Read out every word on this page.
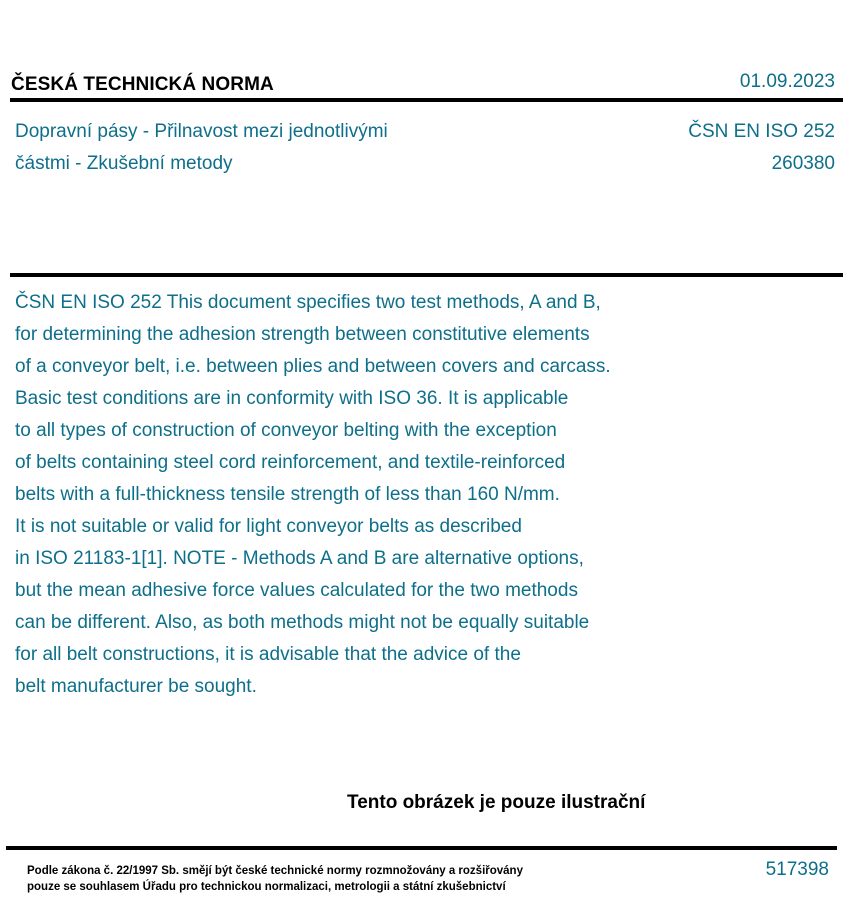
ČESKÁ TECHNICKÁ NORMA	01.09.2023
Dopravní pásy - Přilnavost mezi jednotlivými
částmi - Zkušební metody
ČSN EN ISO 252
260380
ČSN EN ISO 252 This document specifies two test methods, A and B,
for determining the adhesion strength between constitutive elements
of a conveyor belt, i.e. between plies and between covers and carcass.
Basic test conditions are in conformity with ISO 36. It is applicable
to all types of construction of conveyor belting with the exception
of belts containing steel cord reinforcement, and textile-reinforced
belts with a full-thickness tensile strength of less than 160 N/mm.
It is not suitable or valid for light conveyor belts as described
in ISO 21183-1[1]. NOTE - Methods A and B are alternative options,
but the mean adhesive force values calculated for the two methods
can be different. Also, as both methods might not be equally suitable
for all belt constructions, it is advisable that the advice of the
belt manufacturer be sought.
Tento obrázek je pouze ilustrační
Podle zákona č. 22/1997 Sb. smějí být české technické normy rozmnožovány a rozšiřovány
pouze se souhlasem Úřadu pro technickou normalizaci, metrologii a státní zkušebnictví
517398
